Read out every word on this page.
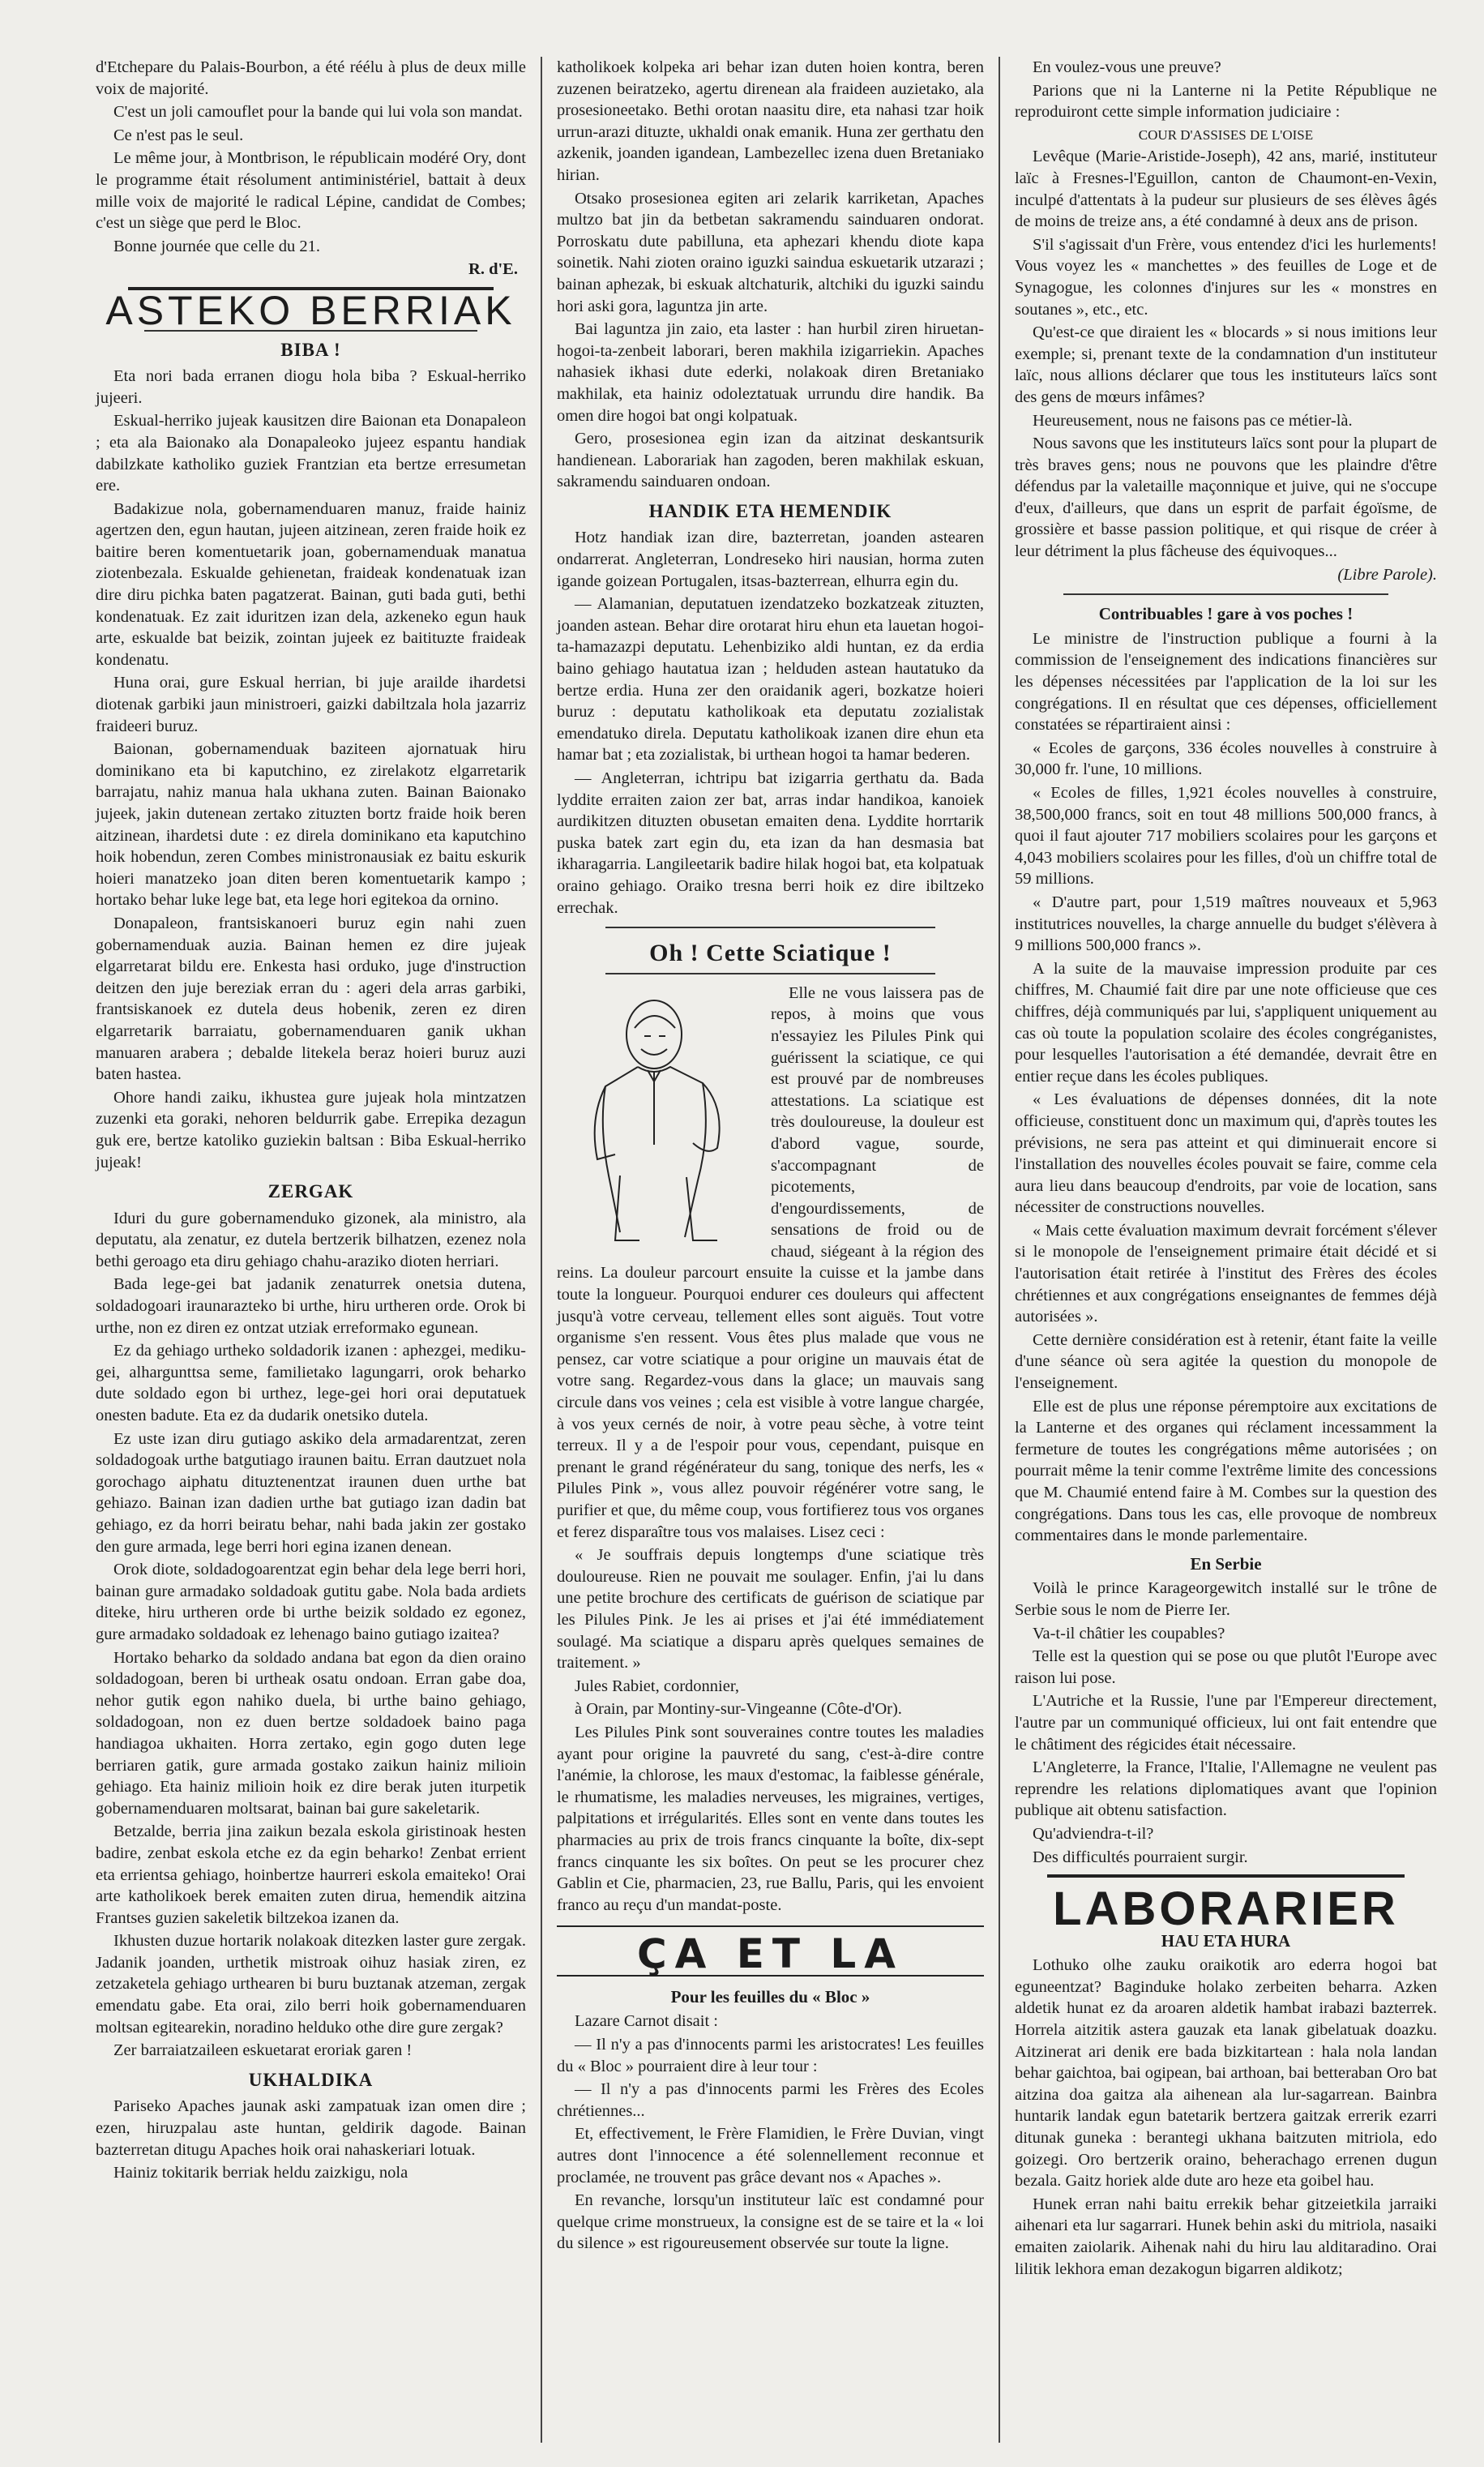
d'Etchepare du Palais-Bourbon, a été réélu à plus de deux mille voix de majorité.

C'est un joli camouflet pour la bande qui lui vola son mandat.

Ce n'est pas le seul.

Le même jour, à Montbrison, le républicain modéré Ory, dont le programme était résolument antiministériel, battait à deux mille voix de majorité le radical Lépine, candidat de Combes; c'est un siège que perd le Bloc.

Bonne journée que celle du 21.

R. d'E.
ASTEKO BERRIAK
BIBA !

Eta nori bada erranen diogu hola biba ? Eskual-herriko jujeeri.

Eskual-herriko jujeak kausitzen dire Baionan eta Donapaleon ; eta ala Baionako ala Donapaleoko jujeez espantu handiak dabilzkate katholiko guziek Frantzian eta bertze erresumetan ere.

Badakizue nola, gobernamenduaren manuz, fraide hainiz agertzen den, egun hautan, jujeen aitzinean, zeren fraide hoik ez baitire beren komentuetarik joan, gobernamenduak manatua ziotenbezala. Eskualde gehienetan, fraideak kondenatuak izan dire diru pichka baten pagatzerat. Bainan, guti bada guti, bethi kondenatuak. Ez zait iduritzen izan dela, azkeneko egun hauk arte, eskualde bat beizik, zointan jujeek ez baitituzte fraideak kondenatu.

Huna orai, gure Eskual herrian, bi juje arailde ihardetsi diotenak garbiki jaun ministroeri, gaizki dabiltzala hola jazarriz fraideeri buruz.

Baionan, gobernamenduak baziteen ajornatuak hiru dominikano eta bi kaputchino, ez zirelakotz elgarretarik barrajatu, nahiz manua hala ukhana zuten. Bainan Baionako jujeek, jakin dutenean zertako zituzten bortz fraide hoik beren aitzinean, ihardetsi dute : ez direla dominikano eta kaputchino hoik hobendun, zeren Combes ministronausiak ez baitu eskurik hoieri manatzeko joan diten beren komentuetarik kampo ; hortako behar luke lege bat, eta lege hori egitekoa da ornino.

Donapaleon, frantsiskanoeri buruz egin nahi zuen gobernamenduak auzia. Bainan hemen ez dire jujeak elgarretarat bildu ere. Enkesta hasi orduko, juge d'instruction deitzen den juje bereziak erran du : ageri dela arras garbiki, frantsiskanoek ez dutela deus hobenik, zeren ez diren elgarretarik barraiatu, gobernamenduaren ganik ukhan manuaren arabera ; debalde litekela beraz hoieri buruz auzi baten hastea.

Ohore handi zaiku, ikhustea gure jujeak hola mintzatzen zuzenki eta goraki, nehoren beldurrik gabe. Errepika dezagun guk ere, bertze katoliko guziekin baltsan : Biba Eskual-herriko jujeak!

ZERGAK

Iduri du gure gobernamenduko gizonek, ala ministro, ala deputatu, ala zenatur, ez dutela bertzerik bilhatzen, ezenez nola bethi geroago eta diru gehiago chahu-araziko dioten herriari.

Bada lege-gei bat jadanik zenaturrek onetsia dutena, soldadogoari iraunarazteko bi urthe, hiru urtheren orde. Orok bi urthe, non ez diren ez ontzat utziak erreformako egunean.

Ez da gehiago urtheko soldadorik izanen : aphezgei, mediku-gei, alhargunttsa seme, familietako lagungarri, orok beharko dute soldado egon bi urthez, lege-gei hori orai deputatuek onesten badute. Eta ez da dudarik onetsiko dutela.

Ez uste izan diru gutiago askiko dela armadarentzat, zeren soldadogoak urthe batgutiago iraunen baitu. Erran dautzuet nola gorochago aiphatu dituztenentzat iraunen duen urthe bat gehiazo. Bainan izan dadien urthe bat gutiago izan dadin bat gehiago, ez da horri beiratu behar, nahi bada jakin zer gostako den gure armada, lege berri hori egina izanen denean.

Orok diote, soldadogoarentzat egin behar dela lege berri hori, bainan gure armadako soldadoak gutitu gabe. Nola bada ardiets diteke, hiru urtheren orde bi urthe beizik soldado ez egonez, gure armadako soldadoak ez lehenago baino gutiago izaitea?

Hortako beharko da soldado andana bat egon da dien oraino soldadogoan, beren bi urtheak osatu ondoan. Erran gabe doa, nehor gutik egon nahiko duela, bi urthe baino gehiago, soldadogoan, non ez duen bertze soldadoek baino paga handiagoa ukhaiten. Horra zertako, egin gogo duten lege berriaren gatik, gure armada gostako zaikun hainiz milioin gehiago. Eta hainiz milioin hoik ez dire berak juten iturpetik gobernamenduaren moltsarat, bainan bai gure sakeletarik.

Betzalde, berria jina zaikun bezala eskola giristinoak hesten badire, zenbat eskola etche ez da egin beharko! Zenbat errient eta errientsa gehiago, hoinbertze haurreri eskola emaiteko! Orai arte katholikoek berek emaiten zuten dirua, hemendik aitzina Frantses guzien sakeletik biltzekoa izanen da.

Ikhusten duzue hortarik nolakoak ditezken laster gure zergak. Jadanik joanden, urthetik mistroak oihuz hasiak ziren, ez zetzaketela gehiago urthearen bi buru buztanak atzeman, zergak emendatu gabe. Eta orai, zilo berri hoik gobernamenduaren moltsan egitearekin, noradino helduko othe dire gure zergak?

Zer barraiatzaileen eskuetarat eroriak garen !

UKHALDIKA

Pariseko Apaches jaunak aski zampatuak izan omen dire ; ezen, hiruzpalau aste huntan, geldirik dagode. Bainan bazterretan ditugu Apaches hoik orai nahaskeriari lotuak.

Hainiz tokitarik berriak heldu zaizkigu, nola

katholikoek kolpeka ari behar izan duten hoien kontra, beren zuzenen beiratzeko, agertu direnean ala fraideen auzietako, ala prosesioneetako. Bethi orotan naasitu dire, eta nahasi tzar hoik urrun-arazi dituzte, ukhaldi onak emanik. Huna zer gerthatu den azkenik, joanden igandean, Lambezellec izena duen Bretaniako hirian.

Otsako prosesionea egiten ari zelarik karriketan, Apaches multzo bat jin da betbetan sakramendu sainduaren ondorat. Porroskatu dute pabilluna, eta aphezari khendu diote kapa soinetik. Nahi zioten oraino iguzki saindua eskuetarik utzarazi ; bainan aphezak, bi eskuak altchaturik, altchiki du iguzki saindu hori aski gora, laguntza jin arte.

Bai laguntza jin zaio, eta laster : han hurbil ziren hiruetan-hogoi-ta-zenbeit laborari, beren makhila izigarriekin. Apaches nahasiek ikhasi dute ederki, nolakoak diren Bretaniako makhilak, eta hainiz odoleztatuak urrundu dire handik. Ba omen dire hogoi bat ongi kolpatuak.

Gero, prosesionea egin izan da aitzinat deskantsurik handienean. Laborariak han zagoden, beren makhilak eskuan, sakramendu sainduaren ondoan.

HANDIK ETA HEMENDIK

Hotz handiak izan dire, bazterretan, joanden astearen ondarrerat. Angleterran, Londreseko hiri nausian, horma zuten igande goizean Portugalen, itsas-bazterrean, elhurra egin du.

— Alamanian, deputatuen izendatzeko bozkatzeak zituzten, joanden astean. Behar dire orotarat hiru ehun eta lauetan hogoi-ta-hamazazpi deputatu. Lehenbiziko aldi huntan, ez da erdia baino gehiago hautatua izan ; helduden astean hautatuko da bertze erdia. Huna zer den oraidanik ageri, bozkatze hoieri buruz : deputatu katholikoak eta deputatu zozialistak emendatuko direla. Deputatu katholikoak izanen dire ehun eta hamar bat ; eta zozialistak, bi urthean hogoi ta hamar bederen.

— Angleterran, ichtripu bat izigarria gerthatu da. Bada lyddite erraiten zaion zer bat, arras indar handikoa, kanoiek aurdikitzen dituzten obusetan emaiten dena. Lyddite horrtarik puska batek zart egin du, eta izan da han desmasia bat ikharagarria. Langileetarik badire hilak hogoi bat, eta kolpatuak oraino gehiago. Oraiko tresna berri hoik ez dire ibiltzeko errechak.

Oh ! Cette Sciatique !

Elle ne vous laissera pas de repos, à moins que vous n'essayiez les Pilules Pink qui guérissent la sciatique, ce qui est prouvé par de nombreuses attestations. La sciatique est très douloureuse, la douleur est d'abord vague, sourde, s'accompagnant de picotements, d'engourdissements, de sensations de froid ou de chaud, siégeant à la région des reins. La douleur parcourt ensuite la cuisse et la jambe dans toute la longueur. Pourquoi endurer ces douleurs qui affectent jusqu'à votre cerveau, tellement elles sont aiguës. Tout votre organisme s'en ressent. Vous êtes plus malade que vous ne pensez, car votre sciatique a pour origine un mauvais état de votre sang. Regardez-vous dans la glace; un mauvais sang circule dans vos veines ; cela est visible à votre langue chargée, à vos yeux cernés de noir, à votre peau sèche, à votre teint terreux. Il y a de l'espoir pour vous, cependant, puisque en prenant le grand régénérateur du sang, tonique des nerfs, les « Pilules Pink », vous allez pouvoir régénérer votre sang, le purifier et que, du même coup, vous fortifierez tous vos organes et ferez disparaître tous vos malaises. Lisez ceci :

« Je souffrais depuis longtemps d'une sciatique très douloureuse. Rien ne pouvait me soulager. Enfin, j'ai lu dans une petite brochure des certificats de guérison de sciatique par les Pilules Pink. Je les ai prises et j'ai été immédiatement soulagé. Ma sciatique a disparu après quelques semaines de traitement. »

Jules Rabiet, cordonnier,

à Orain, par Montiny-sur-Vingeanne (Côte-d'Or).

Les Pilules Pink sont souveraines contre toutes les maladies ayant pour origine la pauvreté du sang, c'est-à-dire contre l'anémie, la chlorose, les maux d'estomac, la faiblesse générale, le rhumatisme, les maladies nerveuses, les migraines, vertiges, palpitations et irrégularités. Elles sont en vente dans toutes les pharmacies au prix de trois francs cinquante la boîte, dix-sept francs cinquante les six boîtes. On peut se les procurer chez Gablin et Cie, pharmacien, 23, rue Ballu, Paris, qui les envoient franco au reçu d'un mandat-poste.

ÇA ET LA
Pour les feuilles du « Bloc »

Lazare Carnot disait :

— Il n'y a pas d'innocents parmi les aristocrates! Les feuilles du « Bloc » pourraient dire à leur tour :

— Il n'y a pas d'innocents parmi les Frères des Ecoles chrétiennes...

Et, effectivement, le Frère Flamidien, le Frère Duvian, vingt autres dont l'innocence a été solennellement reconnue et proclamée, ne trouvent pas grâce devant nos « Apaches ».

En revanche, lorsqu'un instituteur laïc est condamné pour quelque crime monstrueux, la consigne est de se taire et la « loi du silence » est rigoureusement observée sur toute la ligne.

En voulez-vous une preuve?

Parions que ni la Lanterne ni la Petite République ne reproduiront cette simple information judiciaire :

COUR D'ASSISES DE L'OISE

Levêque (Marie-Aristide-Joseph), 42 ans, marié, instituteur laïc à Fresnes-l'Eguillon, canton de Chaumont-en-Vexin, inculpé d'attentats à la pudeur sur plusieurs de ses élèves âgés de moins de treize ans, a été condamné à deux ans de prison.

S'il s'agissait d'un Frère, vous entendez d'ici les hurlements! Vous voyez les « manchettes » des feuilles de Loge et de Synagogue, les colonnes d'injures sur les « monstres en soutanes », etc., etc.

Qu'est-ce que diraient les « blocards » si nous imitions leur exemple; si, prenant texte de la condamnation d'un instituteur laïc, nous allions déclarer que tous les instituteurs laïcs sont des gens de mœurs infâmes?

Heureusement, nous ne faisons pas ce métier-là.

Nous savons que les instituteurs laïcs sont pour la plupart de très braves gens; nous ne pouvons que les plaindre d'être défendus par la valetaille maçonnique et juive, qui ne s'occupe d'eux, d'ailleurs, que dans un esprit de parfait égoïsme, de grossière et basse passion politique, et qui risque de créer à leur détriment la plus fâcheuse des équivoques...

(Libre Parole).
Contribuables ! gare à vos poches !

Le ministre de l'instruction publique a fourni à la commission de l'enseignement des indications financières sur les dépenses nécessitées par l'application de la loi sur les congrégations. Il en résultat que ces dépenses, officiellement constatées se répartiraient ainsi :

« Ecoles de garçons, 336 écoles nouvelles à construire à 30,000 fr. l'une, 10 millions.

« Ecoles de filles, 1,921 écoles nouvelles à construire, 38,500,000 francs, soit en tout 48 millions 500,000 francs, à quoi il faut ajouter 717 mobiliers scolaires pour les garçons et 4,043 mobiliers scolaires pour les filles, d'où un chiffre total de 59 millions.

« D'autre part, pour 1,519 maîtres nouveaux et 5,963 institutrices nouvelles, la charge annuelle du budget s'élèvera à 9 millions 500,000 francs ».

A la suite de la mauvaise impression produite par ces chiffres, M. Chaumié fait dire par une note officieuse que ces chiffres, déjà communiqués par lui, s'appliquent uniquement au cas où toute la population scolaire des écoles congréganistes, pour lesquelles l'autorisation a été demandée, devrait être en entier reçue dans les écoles publiques.

« Les évaluations de dépenses données, dit la note officieuse, constituent donc un maximum qui, d'après toutes les prévisions, ne sera pas atteint et qui diminuerait encore si l'installation des nouvelles écoles pouvait se faire, comme cela aura lieu dans beaucoup d'endroits, par voie de location, sans nécessiter de constructions nouvelles.

« Mais cette évaluation maximum devrait forcément s'élever si le monopole de l'enseignement primaire était décidé et si l'autorisation était retirée à l'institut des Frères des écoles chrétiennes et aux congrégations enseignantes de femmes déjà autorisées ».

Cette dernière considération est à retenir, étant faite la veille d'une séance où sera agitée la question du monopole de l'enseignement.

Elle est de plus une réponse péremptoire aux excitations de la Lanterne et des organes qui réclament incessamment la fermeture de toutes les congrégations même autorisées ; on pourrait même la tenir comme l'extrême limite des concessions que M. Chaumié entend faire à M. Combes sur la question des congrégations. Dans tous les cas, elle provoque de nombreux commentaires dans le monde parlementaire.

En Serbie

Voilà le prince Karageorgewitch installé sur le trône de Serbie sous le nom de Pierre Ier.

Va-t-il châtier les coupables?

Telle est la question qui se pose ou que plutôt l'Europe avec raison lui pose.

L'Autriche et la Russie, l'une par l'Empereur directement, l'autre par un communiqué officieux, lui ont fait entendre que le châtiment des régicides était nécessaire.

L'Angleterre, la France, l'Italie, l'Allemagne ne veulent pas reprendre les relations diplomatiques avant que l'opinion publique ait obtenu satisfaction.

Qu'adviendra-t-il?

Des difficultés pourraient surgir.

LABORARIER
HAU ETA HURA

Lothuko olhe zauku oraikotik aro ederra hogoi bat eguneentzat? Baginduke holako zerbeiten beharra. Azken aldetik hunat ez da aroaren aldetik hambat irabazi bazterrek. Horrela aitzitik astera gauzak eta lanak gibelatuak doazku. Aitzinerat ari denik ere bada bizkitartean : hala nola landan behar gaichtoa, bai ogipean, bai arthoan, bai betteraban Oro bat aitzina doa gaitza ala aihenean ala lur-sagarrean. Bainbra huntarik landak egun batetarik bertzera gaitzak errerik ezarri ditunak guneka : berantegi ukhana baitzuten mitriola, edo goizegi. Oro bertzerik oraino, beherachago errenen dugun bezala. Gaitz horiek alde dute aro heze eta goibel hau.

Hunek erran nahi baitu errekik behar gitzeietkila jarraiki aihenari eta lur sagarrari. Hunek behin aski du mitriola, nasaiki emaiten zaiolarik. Aihenak nahi du hiru lau alditaradino. Orai lilitik lekhora eman dezakogun bigarren aldikotz;
